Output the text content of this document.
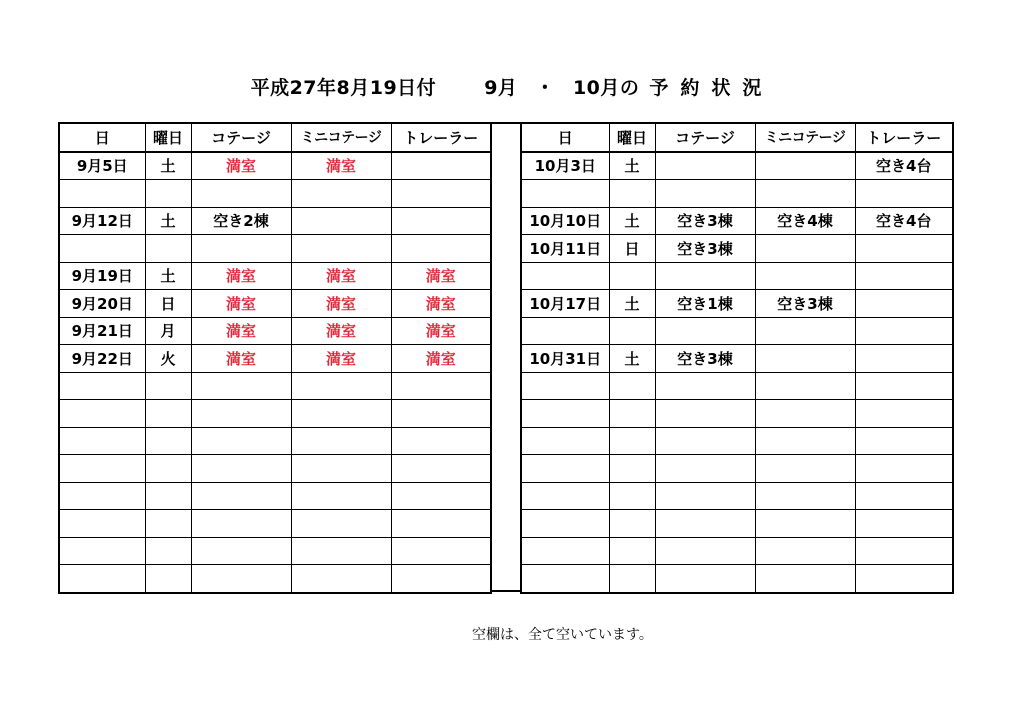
平成27年8月19日付	9月 ・ 10月の 予約状況
日	曜日	コテージ	ミニコテージ	トレーラー
9月5日	土	満室	満室	

9月12日	土	空き2棟		

9月19日	土	満室	満室	満室
9月20日	日	満室	満室	満室
9月21日	月	満室	満室	満室
9月22日	火	満室	満室	満室

日	曜日	コテージ	ミニコテージ	トレーラー
10月3日	土			空き4台

10月10日	土	空き3棟	空き4棟	空き4台
10月11日	日	空き3棟		

10月17日	土	空き1棟	空き3棟	

10月31日	土	空き3棟		

空欄は、全て空いています。
